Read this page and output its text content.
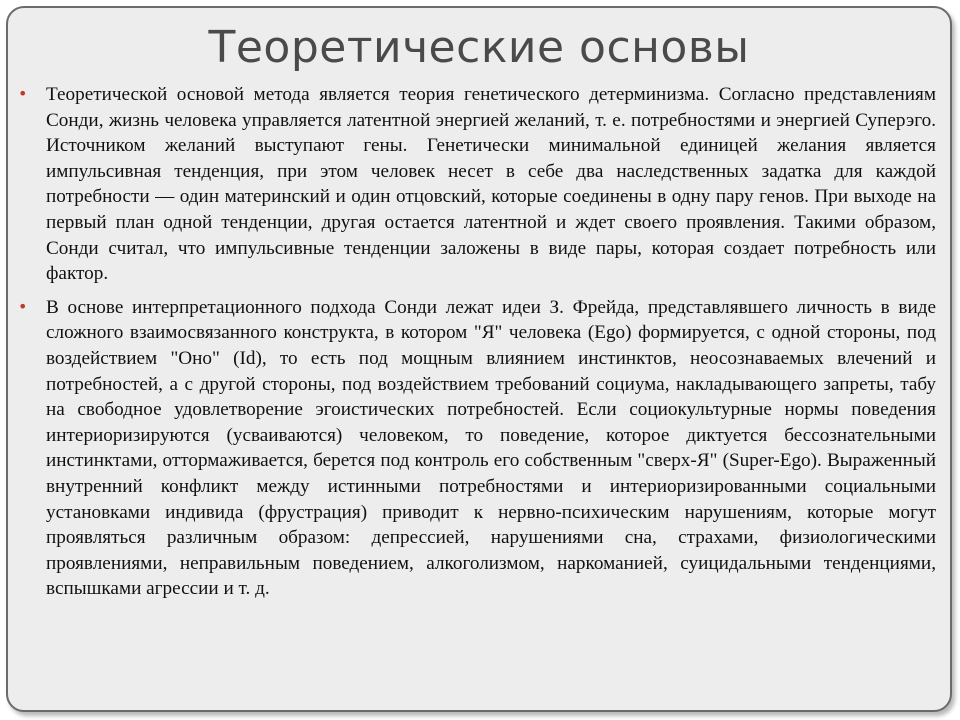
Теоретические основы
• Теоретической основой метода является теория генетического детерминизма. Согласно представлениям Сонди, жизнь человека управляется латентной энергией желаний, т. е. потребностями и энергией Суперэго. Источником желаний выступают гены. Генетически минимальной единицей желания является импульсивная тенденция, при этом человек несет в себе два наследственных задатка для каждой потребности — один материнский и один отцовский, которые соединены в одну пару генов. При выходе на первый план одной тенденции, другая остается латентной и ждет своего проявления. Такими образом, Сонди считал, что импульсивные тенденции заложены в виде пары, которая создает потребность или фактор.
• В основе интерпретационного подхода Сонди лежат идеи З. Фрейда, представлявшего личность в виде сложного взаимосвязанного конструкта, в котором "Я" человека (Ego) формируется, с одной стороны, под воздействием "Оно" (Id), то есть под мощным влиянием инстинктов, неосознаваемых влечений и потребностей, а с другой стороны, под воздействием требований социума, накладывающего запреты, табу на свободное удовлетворение эгоистических потребностей. Если социокультурные нормы поведения интериоризируются (усваиваются) человеком, то поведение, которое диктуется бессознательными инстинктами, оттормаживается, берется под контроль его собственным "сверх-Я" (Super-Ego). Выраженный внутренний конфликт между истинными потребностями и интериоризированными социальными установками индивида (фрустрация) приводит к нервно-психическим нарушениям, которые могут проявляться различным образом: депрессией, нарушениями сна, страхами, физиологическими проявлениями, неправильным поведением, алкоголизмом, наркоманией, суицидальными тенденциями, вспышками агрессии и т. д.
